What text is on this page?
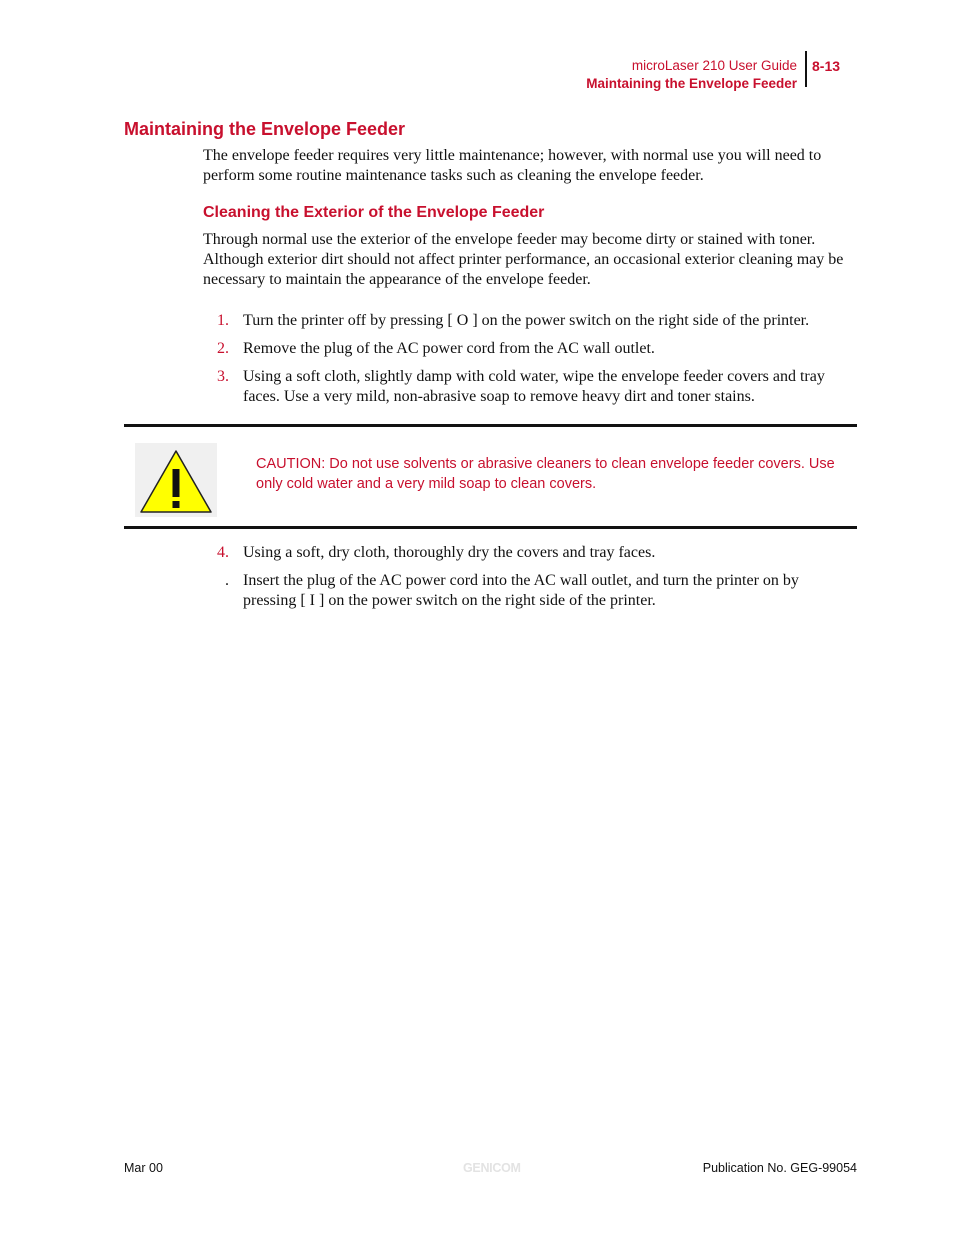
microLaser 210 User Guide
Maintaining the Envelope Feeder
8-13
Maintaining the Envelope Feeder

The envelope feeder requires very little maintenance; however, with normal use you will need to perform some routine maintenance tasks such as cleaning the envelope feeder.

Cleaning the Exterior of the Envelope Feeder

Through normal use the exterior of the envelope feeder may become dirty or stained with toner. Although exterior dirt should not affect printer performance, an occasional exterior cleaning may be necessary to maintain the appearance of the envelope feeder.

1. Turn the printer off by pressing [ O ] on the power switch on the right side of the printer.
2. Remove the plug of the AC power cord from the AC wall outlet.
3. Using a soft cloth, slightly damp with cold water, wipe the envelope feeder covers and tray faces. Use a very mild, non-abrasive soap to remove heavy dirt and toner stains.

CAUTION: Do not use solvents or abrasive cleaners to clean envelope feeder covers. Use only cold water and a very mild soap to clean covers.

4. Using a soft, dry cloth, thoroughly dry the covers and tray faces.
. Insert the plug of the AC power cord into the AC wall outlet, and turn the printer on by pressing [ I ] on the power switch on the right side of the printer.
Mar 00	GENICOM	Publication No. GEG-99054
